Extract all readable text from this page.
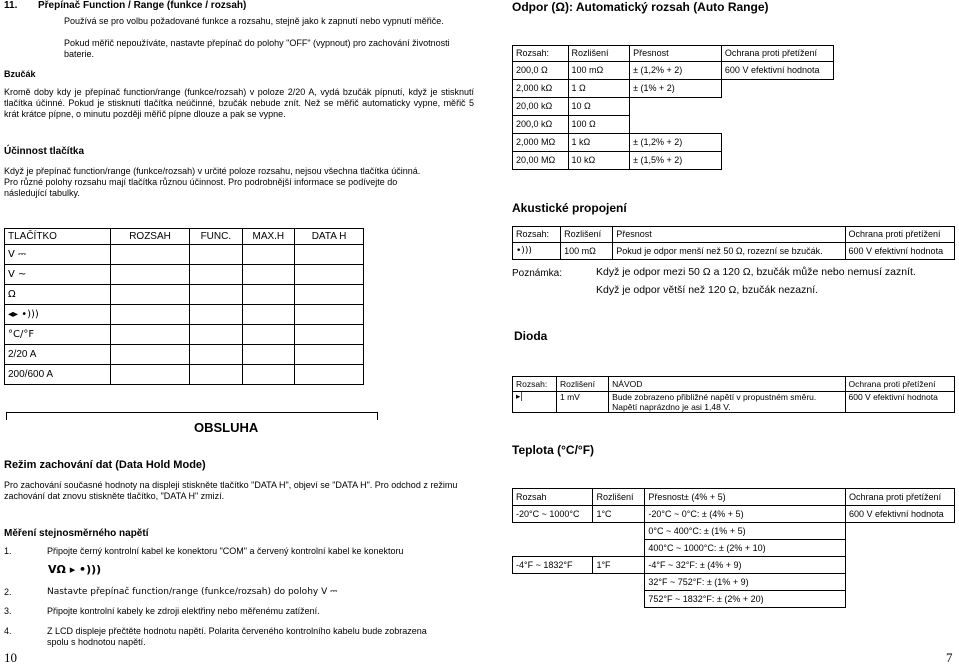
11. Přepínač Function / Range (funkce / rozsah)
Používá se pro volbu požadované funkce a rozsahu, stejně jako k zapnutí nebo vypnutí měřiče.
Pokud měřič nepoužíváte, nastavte přepínač do polohy "OFF" (vypnout) pro zachování životnosti baterie.
Bzučák
Kromě doby kdy je přepínač function/range (funkce/rozsah) v poloze 2/20 A, vydá bzučák pípnutí, když je stisknutí tlačítka účinné. Pokud je stisknutí tlačítka neúčinné, bzučák nebude znít. Než se měřič automaticky vypne, měřič 5 krát krátce pípne, o minutu později měřič pípne dlouze a pak se vypne.
Účinnost tlačítka
Když je přepínač function/range (funkce/rozsah) v určité poloze rozsahu, nejsou všechna tlačítka účinná. Pro různé polohy rozsahu mají tlačítka různou účinnost. Pro podrobnější informace se podívejte do následující tabulky.
TLAČÍTKO	ROZSAH	FUNC.	MAX.H	DATA H
V ⎓				
V ~				
Ω				
◂▸ •)))				
°C/°F				
2/20 A				
200/600 A				
OBSLUHA
Režim zachování dat (Data Hold Mode)
Pro zachování současné hodnoty na displeji stiskněte tlačítko "DATA H", objeví se "DATA H". Pro odchod z režimu zachování dat znovu stiskněte tlačítko, "DATA H" zmizí.
Měření stejnosměrného napětí
1.	Připojte černý kontrolní kabel ke konektoru "COM" a červený kontrolní kabel ke konektoru
VΩ ▸ •)))
2.	Nastavte přepínač function/range (funkce/rozsah) do polohy V ⎓
3.	Připojte kontrolní kabely ke zdroji elektřiny nebo měřenému zatížení.
4.	Z LCD displeje přečtěte hodnotu napětí. Polarita červeného kontrolního kabelu bude zobrazena spolu s hodnotou napětí.
10
Odpor (Ω): Automatický rozsah (Auto Range)
Rozsah:	Rozlišení	Přesnost	Ochrana proti přetížení
200,0 Ω	100 mΩ	± (1,2% + 2)	600 V efektivní hodnota
2,000 kΩ	1 Ω	± (1% + 2)	
20,00 kΩ	10 Ω		
200,0 kΩ	100 Ω		
2,000 MΩ	1 kΩ	± (1,2% + 2)	
20,00 MΩ	10 kΩ	± (1,5% + 2)	
Akustické propojení
Rozsah:	Rozlišení	Přesnost	Ochrana proti přetížení
•)))	100 mΩ	Pokud je odpor menší než 50 Ω, rozezní se bzučák.	600 V efektivní hodnota
Poznámka:	Když je odpor mezi 50 Ω a 120 Ω, bzučák může nebo nemusí zaznít.
Když je odpor větší než 120 Ω, bzučák nezazní.
Dioda
Rozsah:	Rozlišení	NÁVOD	Ochrana proti přetížení
▸|	1 mV	Bude zobrazeno přibližné napětí v propustném směru.
Napětí naprázdno je asi 1,48 V.	600 V efektivní hodnota
Teplota (°C/°F)
Rozsah	Rozlišení	Přesnost± (4% + 5)	Ochrana proti přetížení
-20°C ~ 1000°C	1°C	-20°C ~ 0°C: ± (4% + 5)	600 V efektivní hodnota
		0°C ~ 400°C: ± (1% + 5)	
		400°C ~ 1000°C: ± (2% + 10)	
-4°F ~ 1832°F	1°F	-4°F ~ 32°F: ± (4% + 9)	
		32°F ~ 752°F: ± (1% + 9)	
		752°F ~ 1832°F: ± (2% + 20)	
7
